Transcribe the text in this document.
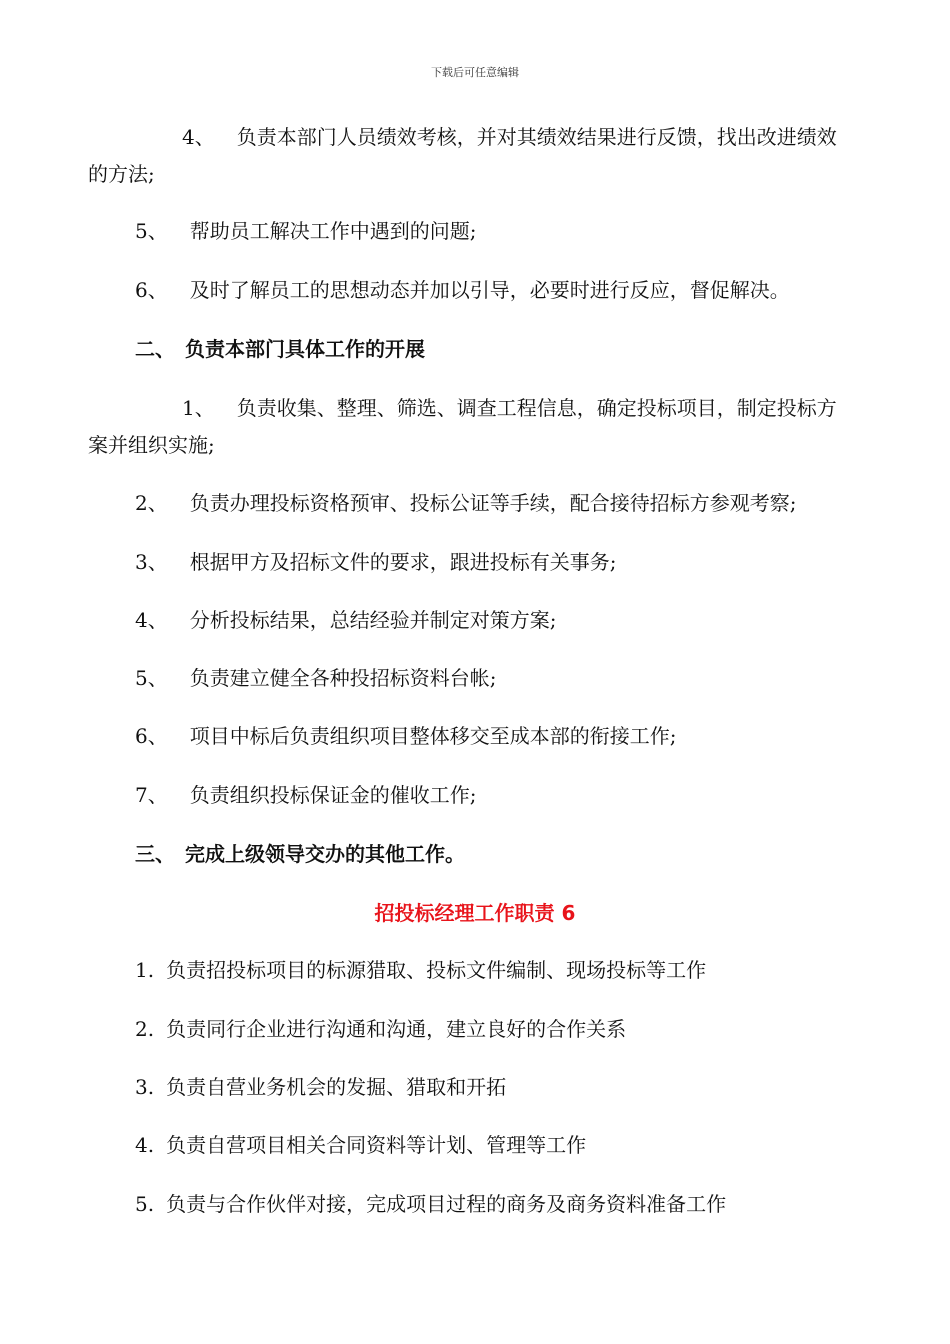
下载后可任意编辑
4、 负责本部门人员绩效考核，并对其绩效结果进行反馈，找出改进绩效
的方法;
5、 帮助员工解决工作中遇到的问题;
6、 及时了解员工的思想动态并加以引导，必要时进行反应，督促解决。
二、　负责本部门具体工作的开展
1、 负责收集、整理、筛选、调查工程信息，确定投标项目，制定投标方
案并组织实施;
2、 负责办理投标资格预审、投标公证等手续，配合接待招标方参观考察;
3、 根据甲方及招标文件的要求，跟进投标有关事务;
4、 分析投标结果，总结经验并制定对策方案;
5、 负责建立健全各种投招标资料台帐;
6、 项目中标后负责组织项目整体移交至成本部的衔接工作;
7、 负责组织投标保证金的催收工作;
三、　完成上级领导交办的其他工作。
招投标经理工作职责 6
1. 负责招投标项目的标源猎取、投标文件编制、现场投标等工作
2. 负责同行企业进行沟通和沟通，建立良好的合作关系
3. 负责自营业务机会的发掘、猎取和开拓
4. 负责自营项目相关合同资料等计划、管理等工作
5. 负责与合作伙伴对接，完成项目过程的商务及商务资料准备工作
